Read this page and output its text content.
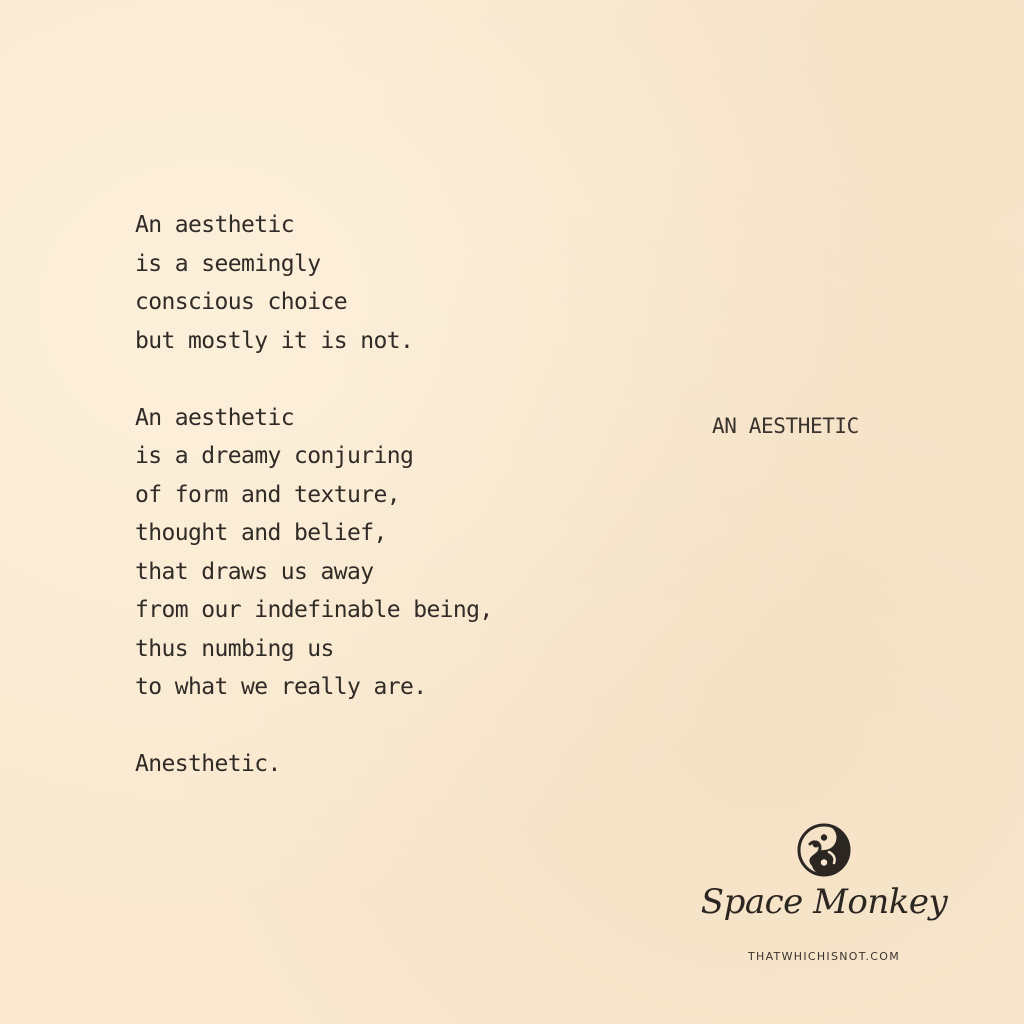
An aesthetic
is a seemingly
conscious choice
but mostly it is not.
An aesthetic
is a dreamy conjuring
of form and texture,
thought and belief,
that draws us away
from our indefinable being,
thus numbing us
to what we really are.
Anesthetic.
AN AESTHETIC
Space Monkey
THATWHICHISNOT.COM
